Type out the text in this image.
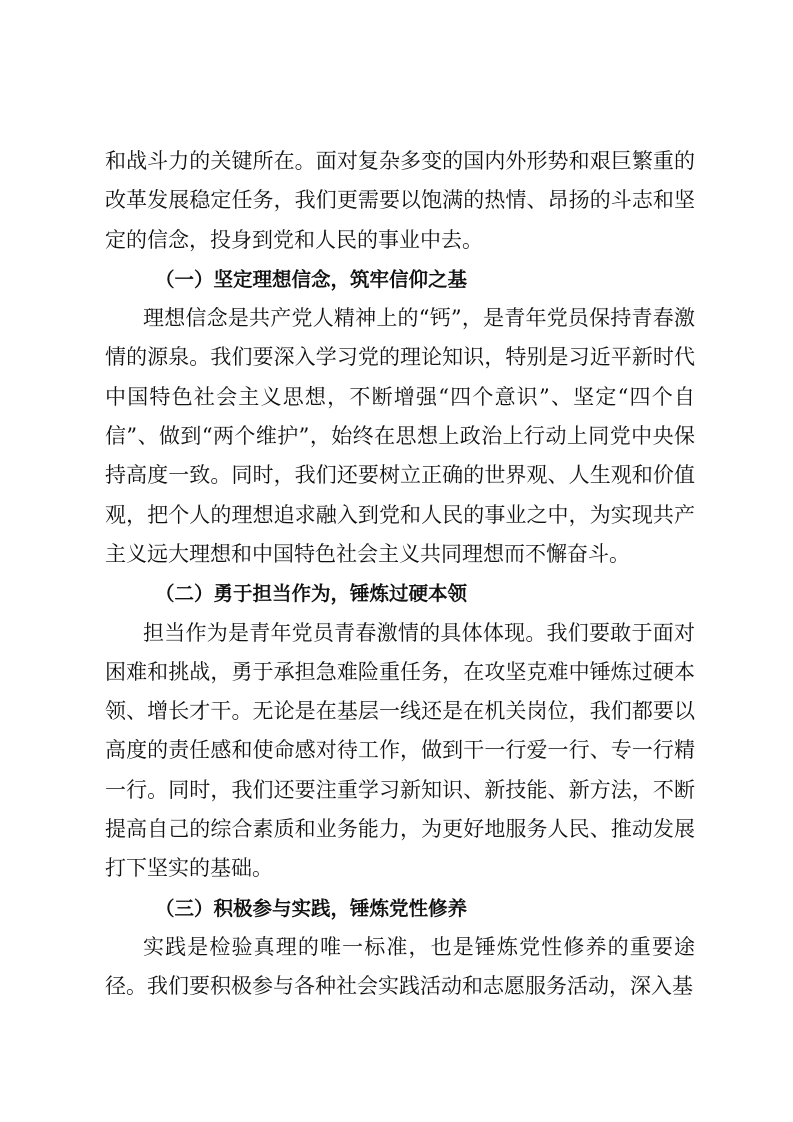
和战斗力的关键所在。面对复杂多变的国内外形势和艰巨繁重的改革发展稳定任务，我们更需要以饱满的热情、昂扬的斗志和坚定的信念，投身到党和人民的事业中去。

（一）坚定理想信念，筑牢信仰之基

理想信念是共产党人精神上的“钙”，是青年党员保持青春激情的源泉。我们要深入学习党的理论知识，特别是习近平新时代中国特色社会主义思想，不断增强“四个意识”、坚定“四个自信”、做到“两个维护”，始终在思想上政治上行动上同党中央保持高度一致。同时，我们还要树立正确的世界观、人生观和价值观，把个人的理想追求融入到党和人民的事业之中，为实现共产主义远大理想和中国特色社会主义共同理想而不懈奋斗。

（二）勇于担当作为，锤炼过硬本领

担当作为是青年党员青春激情的具体体现。我们要敢于面对困难和挑战，勇于承担急难险重任务，在攻坚克难中锤炼过硬本领、增长才干。无论是在基层一线还是在机关岗位，我们都要以高度的责任感和使命感对待工作，做到干一行爱一行、专一行精一行。同时，我们还要注重学习新知识、新技能、新方法，不断提高自己的综合素质和业务能力，为更好地服务人民、推动发展打下坚实的基础。

（三）积极参与实践，锤炼党性修养

实践是检验真理的唯一标准，也是锤炼党性修养的重要途径。我们要积极参与各种社会实践活动和志愿服务活动，深入基
